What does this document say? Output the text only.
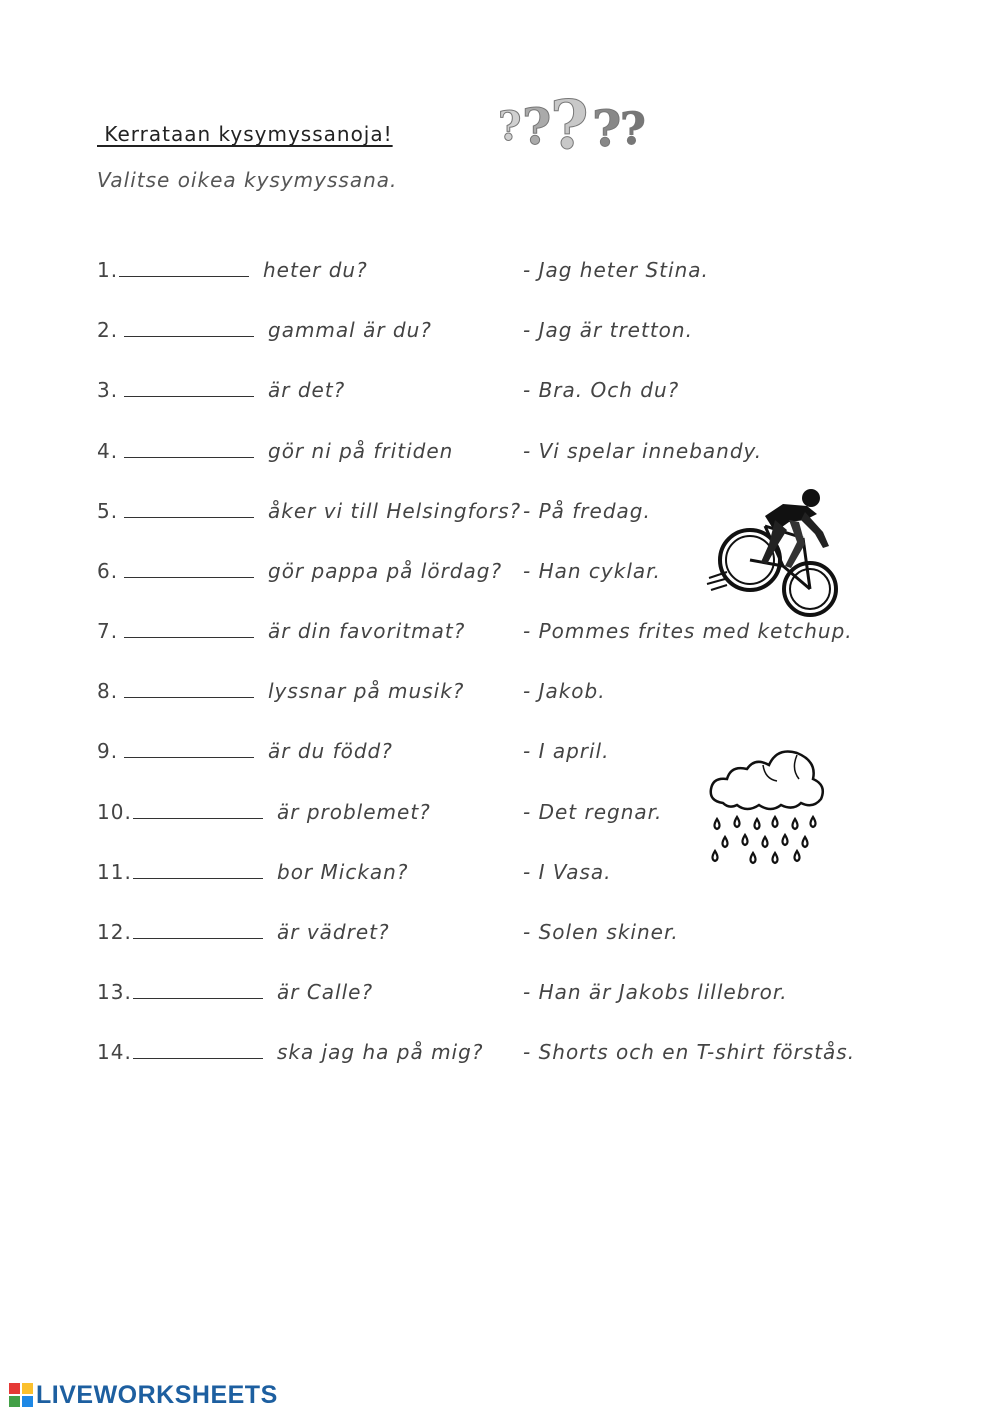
Kerrataan kysymyssanoja!
Valitse oikea kysymyssana.
? ?
? ?
?
1.	heter du?	- Jag heter Stina.
2.	gammal är du?	- Jag är tretton.
3.	är det?	- Bra. Och du?
4.	gör ni på fritiden	- Vi spelar innebandy.
5.	åker vi till Helsingfors? - På fredag.
6.	gör pappa på lördag? - Han cyklar.
7.	är din favoritmat?	- Pommes frites med ketchup.
8.	lyssnar på musik?	- Jakob.
9.	är du född?	- I april.
10.	är problemet?	- Det regnar.
11.	bor Mickan?	- I Vasa.
12.	är vädret?	- Solen skiner.
13.	är Calle?	- Han är Jakobs lillebror.
14.	ska jag ha på mig? - Shorts och en T-shirt förstås.
LIVEWORKSHEETS
